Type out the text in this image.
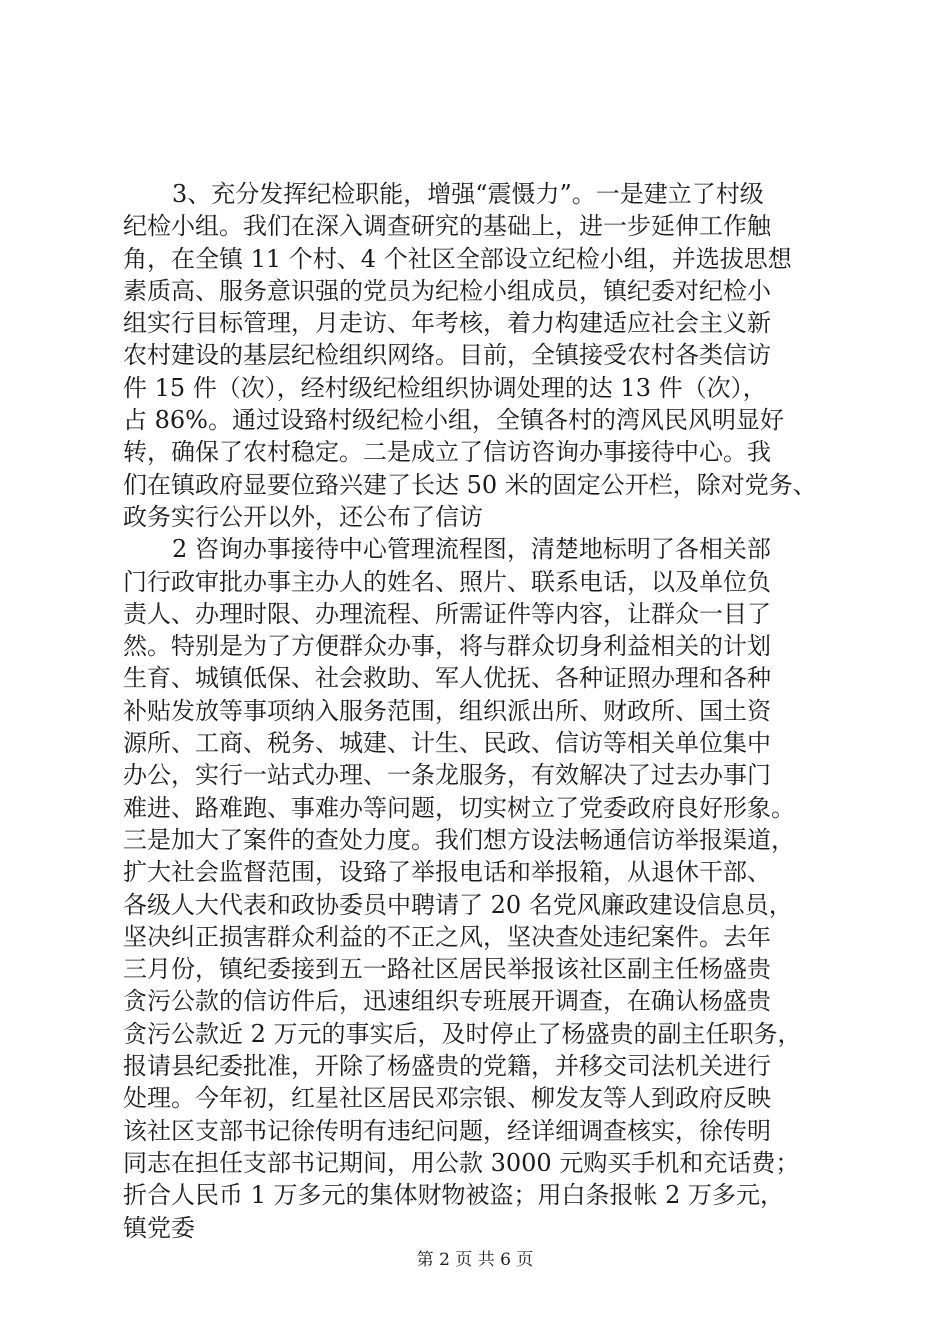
3、充分发挥纪检职能，增强“震慑力”。一是建立了村级
纪检小组。我们在深入调查研究的基础上，进一步延伸工作触
角，在全镇 11 个村、4 个社区全部设立纪检小组，并选拔思想
素质高、服务意识强的党员为纪检小组成员，镇纪委对纪检小
组实行目标管理，月走访、年考核，着力构建适应社会主义新
农村建设的基层纪检组织网络。目前，全镇接受农村各类信访
件 15 件（次），经村级纪检组织协调处理的达 13 件（次），
占 86%。通过设臵村级纪检小组，全镇各村的湾风民风明显好
转，确保了农村稳定。二是成立了信访咨询办事接待中心。我
们在镇政府显要位臵兴建了长达 50 米的固定公开栏，除对党务、
政务实行公开以外，还公布了信访
2 咨询办事接待中心管理流程图，清楚地标明了各相关部
门行政审批办事主办人的姓名、照片、联系电话，以及单位负
责人、办理时限、办理流程、所需证件等内容，让群众一目了
然。特别是为了方便群众办事，将与群众切身利益相关的计划
生育、城镇低保、社会救助、军人优抚、各种证照办理和各种
补贴发放等事项纳入服务范围，组织派出所、财政所、国土资
源所、工商、税务、城建、计生、民政、信访等相关单位集中
办公，实行一站式办理、一条龙服务，有效解决了过去办事门
难进、路难跑、事难办等问题，切实树立了党委政府良好形象。
三是加大了案件的查处力度。我们想方设法畅通信访举报渠道，
扩大社会监督范围，设臵了举报电话和举报箱，从退休干部、
各级人大代表和政协委员中聘请了 20 名党风廉政建设信息员，
坚决纠正损害群众利益的不正之风，坚决查处违纪案件。去年
三月份，镇纪委接到五一路社区居民举报该社区副主任杨盛贵
贪污公款的信访件后，迅速组织专班展开调查，在确认杨盛贵
贪污公款近 2 万元的事实后，及时停止了杨盛贵的副主任职务，
报请县纪委批准，开除了杨盛贵的党籍，并移交司法机关进行
处理。今年初，红星社区居民邓宗银、柳发友等人到政府反映
该社区支部书记徐传明有违纪问题，经详细调查核实，徐传明
同志在担任支部书记期间，用公款 3000 元购买手机和充话费；
折合人民币 1 万多元的集体财物被盗；用白条报帐 2 万多元，
镇党委
第 2 页 共 6 页
